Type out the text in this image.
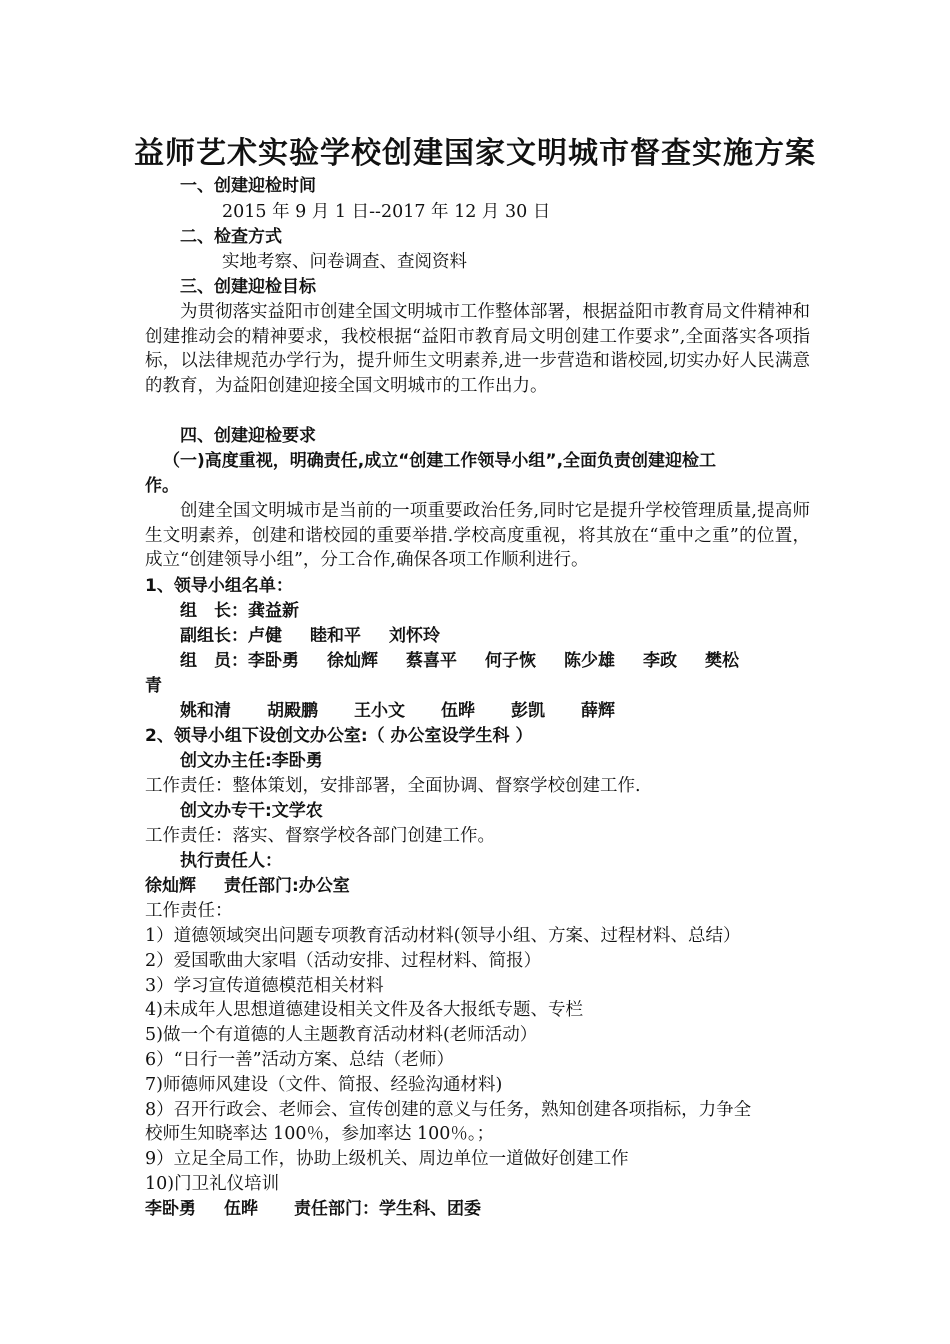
益师艺术实验学校创建国家文明城市督查实施方案

一、创建迎检时间

2015 年 9 月 1 日--2017 年 12 月 30 日

二、检查方式

实地考察、问卷调查、查阅资料

三、创建迎检目标

为贯彻落实益阳市创建全国文明城市工作整体部署，根据益阳市教育局文件精神和创建推动会的精神要求，我校根据“益阳市教育局文明创建工作要求”,全面落实各项指标，以法律规范办学行为，提升师生文明素养,进一步营造和谐校园,切实办好人民满意的教育，为益阳创建迎接全国文明城市的工作出力。

四、创建迎检要求

（一)高度重视，明确责任,成立“创建工作领导小组”,全面负责创建迎检工

作。

创建全国文明城市是当前的一项重要政治任务,同时它是提升学校管理质量,提高师生文明素养，创建和谐校园的重要举措.学校高度重视，将其放在“重中之重”的位置，成立“创建领导小组”，分工合作,确保各项工作顺利进行。

1、领导小组名单：

组　长：龚益新

副组长：卢健 睦和平 刘怀玲

组　员：李卧勇 徐灿辉 蔡喜平 何子恢 陈少雄 李政 樊松

青

姚和清 胡殿鹏 王小文 伍晔 彭凯 薛辉

2、领导小组下设创文办公室:（ 办公室设学生科 ）

创文办主任:李卧勇

工作责任：整体策划，安排部署，全面协调、督察学校创建工作.

创文办专干:文学农

工作责任：落实、督察学校各部门创建工作。

执行责任人：

徐灿辉 责任部门:办公室

工作责任：

1）道德领域突出问题专项教育活动材料(领导小组、方案、过程材料、总结）

2）爱国歌曲大家唱（活动安排、过程材料、简报）

3）学习宣传道德模范相关材料

4)未成年人思想道德建设相关文件及各大报纸专题、专栏

5)做一个有道德的人主题教育活动材料(老师活动）

6）“日行一善”活动方案、总结（老师）

7)师德师风建设（文件、简报、经验沟通材料)

8）召开行政会、老师会、宣传创建的意义与任务，熟知创建各项指标，力争全

校师生知晓率达 100％，参加率达 100％。；

9）立足全局工作，协助上级机关、周边单位一道做好创建工作

10)门卫礼仪培训

李卧勇 伍晔 责任部门：学生科、团委
